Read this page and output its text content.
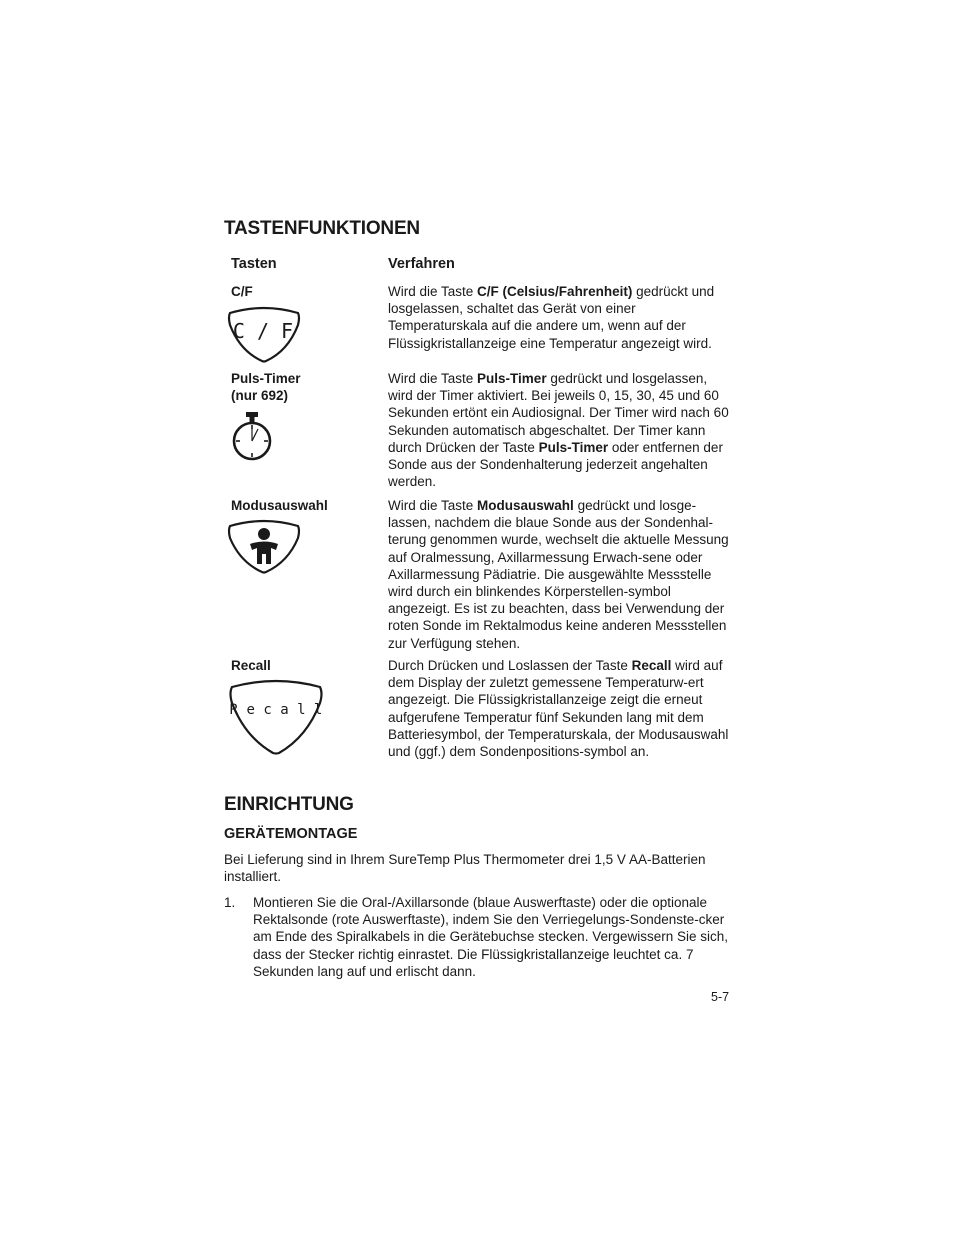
TASTENFUNKTIONEN
Tasten	Verfahren
C/F
C / F
Wird die Taste C/F (Celsius/Fahrenheit) gedrückt und losgelassen, schaltet das Gerät von einer Temperaturskala auf die andere um, wenn auf der Flüssigkristallanzeige eine Temperatur angezeigt wird.
Puls-Timer
(nur 692)
Wird die Taste Puls-Timer gedrückt und losgelassen, wird der Timer aktiviert. Bei jeweils 0, 15, 30, 45 und 60 Sekunden ertönt ein Audiosignal. Der Timer wird nach 60 Sekunden automatisch abgeschaltet. Der Timer kann durch Drücken der Taste Puls-Timer oder entfernen der Sonde aus der Sondenhalterung jederzeit angehalten werden.
Modusauswahl	Wird die Taste Modusauswahl gedrückt und losge-lassen, nachdem die blaue Sonde aus der Sondenhal-terung genommen wurde, wechselt die aktuelle Messung auf Oralmessung, Axillarmessung Erwach-sene oder Axillarmessung Pädiatrie. Die ausgewählte Messstelle wird durch ein blinkendes Körperstellen-symbol angezeigt. Es ist zu beachten, dass bei Verwendung der roten Sonde im Rektalmodus keine anderen Messstellen zur Verfügung stehen.
Recall
R e c a l l
Durch Drücken und Loslassen der Taste Recall wird auf dem Display der zuletzt gemessene Temperaturw-ert angezeigt. Die Flüssigkristallanzeige zeigt die erneut aufgerufene Temperatur fünf Sekunden lang mit dem Batteriesymbol, der Temperaturskala, der Modusauswahl und (ggf.) dem Sondenpositions-symbol an.
EINRICHTUNG
GERÄTEMONTAGE
Bei Lieferung sind in Ihrem SureTemp Plus Thermometer drei 1,5 V AA-Batterien installiert.
1. Montieren Sie die Oral-/Axillarsonde (blaue Auswerftaste) oder die optionale Rektalsonde (rote Auswerftaste), indem Sie den Verriegelungs-Sondenste-cker am Ende des Spiralkabels in die Gerätebuchse stecken. Vergewissern Sie sich, dass der Stecker richtig einrastet. Die Flüssigkristallanzeige leuchtet ca. 7 Sekunden lang auf und erlischt dann.
5-7
